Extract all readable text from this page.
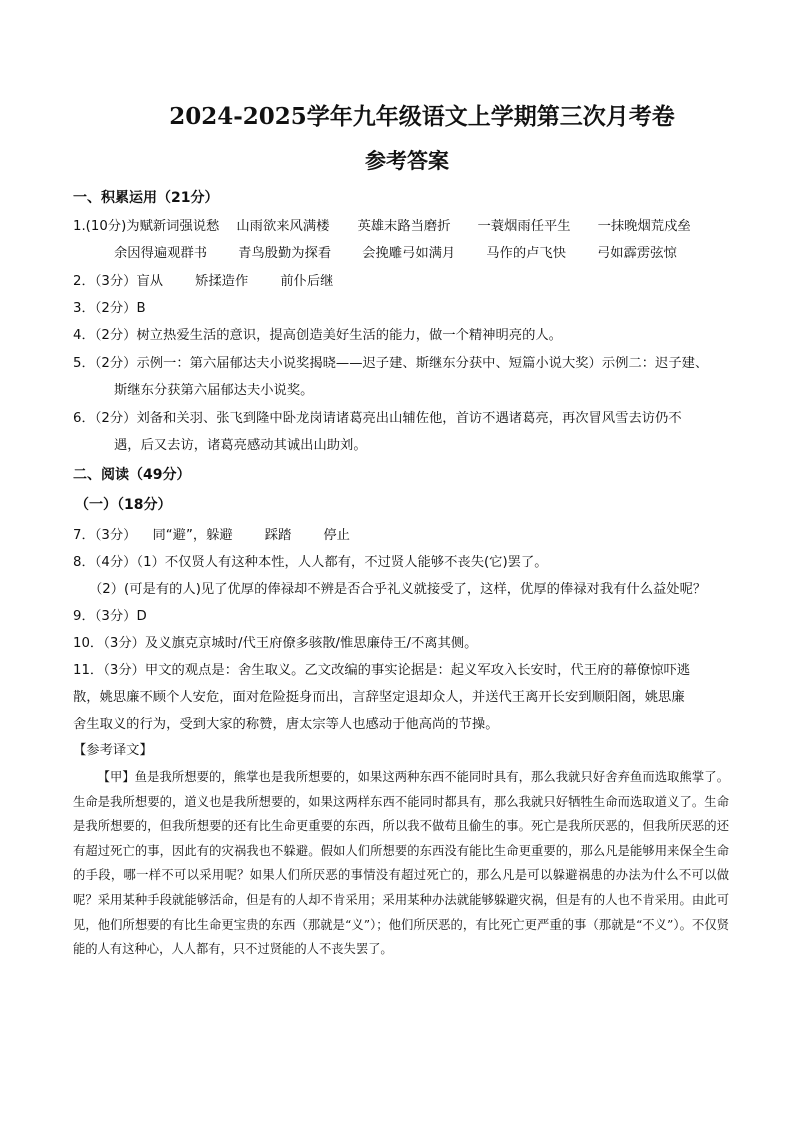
2024-2025学年九年级语文上学期第三次月考卷
参考答案
一、积累运用（21分）
1.(10分)为赋新词强说愁 山雨欲来风满楼 英雄末路当磨折 一蓑烟雨任平生 一抹晚烟荒戍垒
余因得遍观群书 青鸟殷勤为探看 会挽雕弓如满月 马作的卢飞快 弓如霹雳弦惊
2．（3分）盲从 矫揉造作 前仆后继
3．（2分）B
4．（2分）树立热爱生活的意识，提高创造美好生活的能力，做一个精神明亮的人。
5．（2分）示例一：第六届郁达夫小说奖揭晓——迟子建、斯继东分获中、短篇小说大奖）示例二：迟子建、
斯继东分获第六届郁达夫小说奖。
6．（2分）刘备和关羽、张飞到隆中卧龙岗请诸葛亮出山辅佐他，首访不遇诸葛亮，再次冒风雪去访仍不
遇，后又去访，诸葛亮感动其诚出山助刘。
二、阅读（49分）
（一）（18分）
7．（3分） 同“避”，躲避 踩踏 停止
8．（4分）（1）不仅贤人有这种本性，人人都有，不过贤人能够不丧失(它)罢了。
（2）(可是有的人)见了优厚的俸禄却不辨是否合乎礼义就接受了，这样，优厚的俸禄对我有什么益处呢？
9．（3分）D
10．（3分）及义旗克京城时/代王府僚多骇散/惟思廉侍王/不离其侧。
11．（3分）甲文的观点是：舍生取义。乙文改编的事实论据是：起义军攻入长安时，代王府的幕僚惊吓逃
散，姚思廉不顾个人安危，面对危险挺身而出，言辞坚定退却众人，并送代王离开长安到顺阳阁，姚思廉
舍生取义的行为，受到大家的称赞，唐太宗等人也感动于他高尚的节操。
【参考译文】
【甲】鱼是我所想要的，熊掌也是我所想要的，如果这两种东西不能同时具有，那么我就只好舍弃鱼而选取熊掌了。生命是我所想要的，道义也是我所想要的，如果这两样东西不能同时都具有，那么我就只好牺牲生命而选取道义了。生命是我所想要的，但我所想要的还有比生命更重要的东西，所以我不做苟且偷生的事。死亡是我所厌恶的，但我所厌恶的还有超过死亡的事，因此有的灾祸我也不躲避。假如人们所想要的东西没有能比生命更重要的，那么凡是能够用来保全生命的手段，哪一样不可以采用呢？如果人们所厌恶的事情没有超过死亡的，那么凡是可以躲避祸患的办法为什么不可以做呢？采用某种手段就能够活命，但是有的人却不肯采用；采用某种办法就能够躲避灾祸，但是有的人也不肯采用。由此可见，他们所想要的有比生命更宝贵的东西（那就是“义”）；他们所厌恶的，有比死亡更严重的事（那就是“不义”）。不仅贤能的人有这种心，人人都有，只不过贤能的人不丧失罢了。
